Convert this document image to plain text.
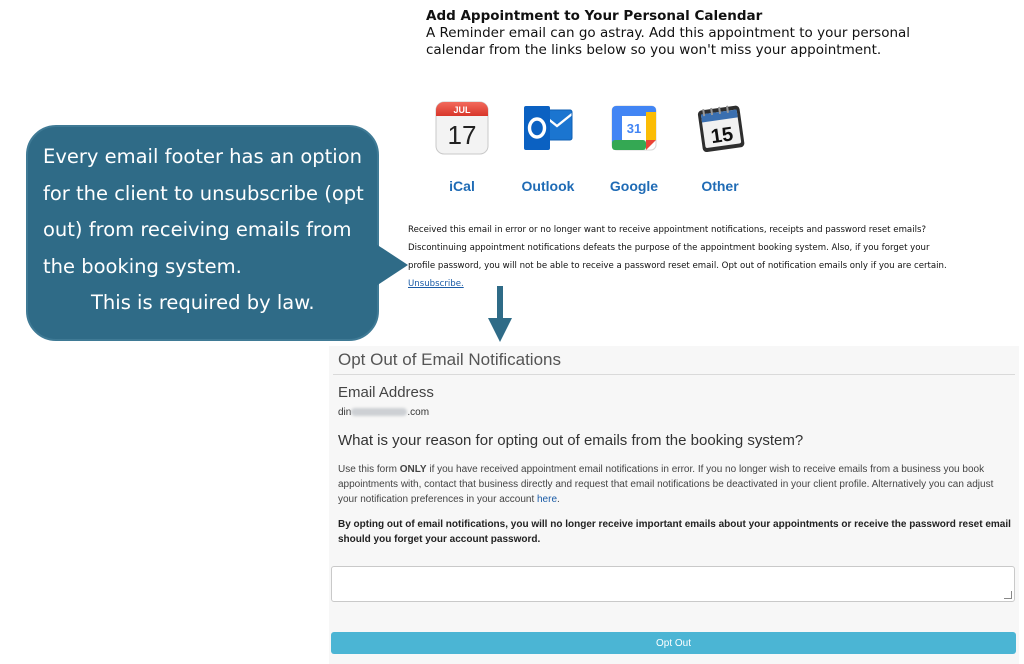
Add Appointment to Your Personal Calendar
A Reminder email can go astray. Add this appointment to your personal calendar from the links below so you won't miss your appointment.
JUL
17
iCal	Outlook
31
Google
15
Other
Received this email in error or no longer want to receive appointment notifications, receipts and password reset emails? Discontinuing appointment notifications defeats the purpose of the appointment booking system. Also, if you forget your profile password, you will not be able to receive a password reset email. Opt out of notification emails only if you are certain. Unsubscribe.
Every email footer has an option for the client to unsubscribe (opt out) from receiving emails from the booking system.
This is required by law.
Opt Out of Email Notifications
Email Address
din	.com
What is your reason for opting out of emails from the booking system?
Use this form ONLY if you have received appointment email notifications in error. If you no longer wish to receive emails from a business you book appointments with, contact that business directly and request that email notifications be deactivated in your client profile. Alternatively you can adjust your notification preferences in your account here.
By opting out of email notifications, you will no longer receive important emails about your appointments or receive the password reset email should you forget your account password.
Opt Out
